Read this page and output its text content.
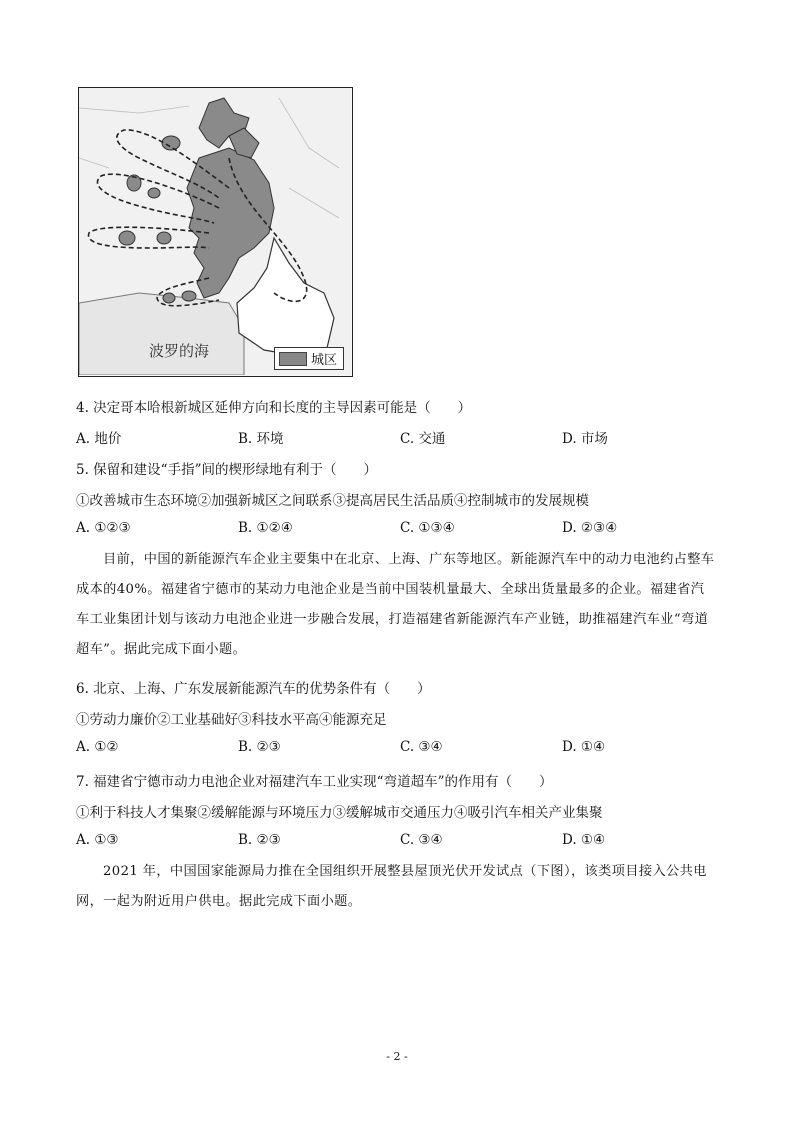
波罗的海
城区
4. 决定哥本哈根新城区延伸方向和长度的主导因素可能是（　　）
A. 地价	B. 环境	C. 交通	D. 市场
5. 保留和建设“手指”间的楔形绿地有利于（　　）
①改善城市生态环境②加强新城区之间联系③提高居民生活品质④控制城市的发展规模
A. ①②③	B. ①②④	C. ①③④	D. ②③④
目前，中国的新能源汽车企业主要集中在北京、上海、广东等地区。新能源汽车中的动力电池约占整车成本的40%。福建省宁德市的某动力电池企业是当前中国装机量最大、全球出货量最多的企业。福建省汽车工业集团计划与该动力电池企业进一步融合发展，打造福建省新能源汽车产业链，助推福建汽车业“弯道超车”。据此完成下面小题。
6. 北京、上海、广东发展新能源汽车的优势条件有（　　）
①劳动力廉价②工业基础好③科技水平高④能源充足
A. ①②	B. ②③	C. ③④	D. ①④
7. 福建省宁德市动力电池企业对福建汽车工业实现“弯道超车”的作用有（　　）
①利于科技人才集聚②缓解能源与环境压力③缓解城市交通压力④吸引汽车相关产业集聚
A. ①③	B. ②③	C. ③④	D. ①④
2021 年，中国国家能源局力推在全国组织开展整县屋顶光伏开发试点（下图），该类项目接入公共电网，一起为附近用户供电。据此完成下面小题。
- 2 -
